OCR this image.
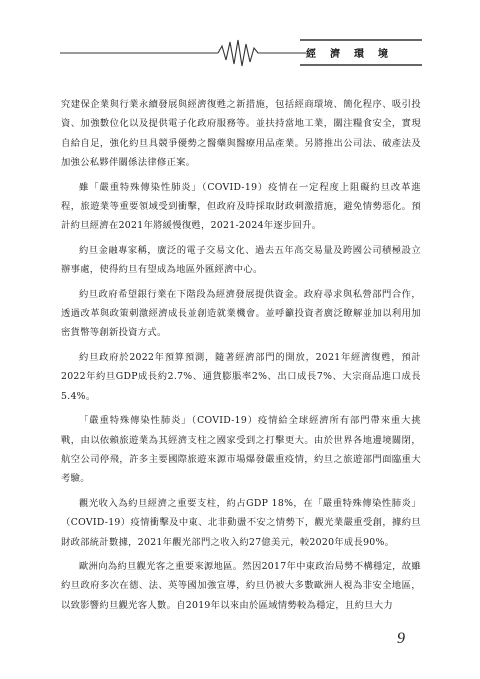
經濟環境

究建保企業與行業永續發展與經濟復甦之新措施，包括經商環境、簡化程序、吸引投資、加強數位化以及提供電子化政府服務等。並扶持當地工業，關注糧食安全，實現自給自足，強化約旦具競爭優勢之醫藥與醫療用品產業。另將推出公司法、破產法及加強公私夥伴關係法律修正案。

雖「嚴重特殊傳染性肺炎」（COVID-19）疫情在一定程度上阻礙約旦改革進程，旅遊業等重要領域受到衝擊，但政府及時採取財政刺激措施，避免情勢惡化。預計約旦經濟在2021年將緩慢復甦，2021-2024年逐步回升。

約旦金融專家稱，廣泛的電子交易文化、過去五年高交易量及跨國公司積極設立辦事處，使得約旦有望成為地區外匯經濟中心。

約旦政府希望銀行業在下階段為經濟發展提供資金。政府尋求與私營部門合作，透過改革與政策刺激經濟成長並創造就業機會。並呼籲投資者廣泛瞭解並加以利用加密貨幣等創新投資方式。

約旦政府於2022年預算預測，隨著經濟部門的開放，2021年經濟復甦，預計2022年約旦GDP成長約2.7%、通貨膨脹率2%、出口成長7%、大宗商品進口成長5.4%。

「嚴重特殊傳染性肺炎」（COVID-19）疫情給全球經濟所有部門帶來重大挑戰，由以依賴旅遊業為其經濟支柱之國家受到之打擊更大。由於世界各地邊境關閉，航空公司停飛，許多主要國際旅遊來源市場爆發嚴重疫情，約旦之旅遊部門面臨重大考驗。

觀光收入為約旦經濟之重要支柱，約占GDP 18%，在「嚴重特殊傳染性肺炎」（COVID-19）疫情衝擊及中東、北非動盪不安之情勢下，觀光業嚴重受創，據約旦財政部統計數據，2021年觀光部門之收入約27億美元，較2020年成長90%。

歐洲向為約旦觀光客之重要來源地區。然因2017年中東政治局勢不構穩定，故雖約旦政府多次在德、法、英等國加強宣導，約旦仍被大多數歐洲人視為非安全地區，以致影響約旦觀光客人數。自2019年以來由於區域情勢較為穩定，且約旦大力

9
